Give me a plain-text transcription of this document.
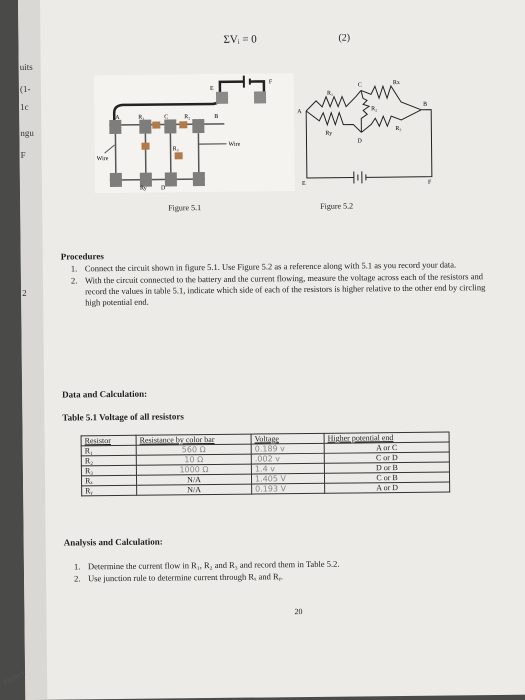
uits
(1-
1c
ngu
F
2
ΣVᵢ = 0	(2)
A	R₁	C	R₂	B
F
E
R₃
Ry D
Wire
Wire
Figure 5.1
R₁
C	Rx
A	R₂
B
Ry
D
R₃
E	F
Figure 5.2
Procedures
1. Connect the circuit shown in figure 5.1. Use Figure 5.2 as a reference along with 5.1 as you record your data.
2. With the circuit connected to the battery and the current flowing, measure the voltage across each of the resistors and record the values in table 5.1, indicate which side of each of the resistors is higher relative to the other end by circling high potential end.
Data and Calculation:
Table 5.1 Voltage of all resistors
Resistor	Resistance by color bar	Voltage	Higher potential end
R₁	560 Ω	0.189 v	A or C
R₂	10 Ω	.002 v	C or D
R₃	1000 Ω	1.4 v	D or B
Rₓ	N/A	1.405 V	C or B
Rᵧ	N/A	0.193 V	A or D
Analysis and Calculation:
1. Determine the current flow in R₁, R₂ and R₃ and record them in Table 5.2.
2. Use junction rule to determine current through Rₓ and Rᵧ.
20
expect
